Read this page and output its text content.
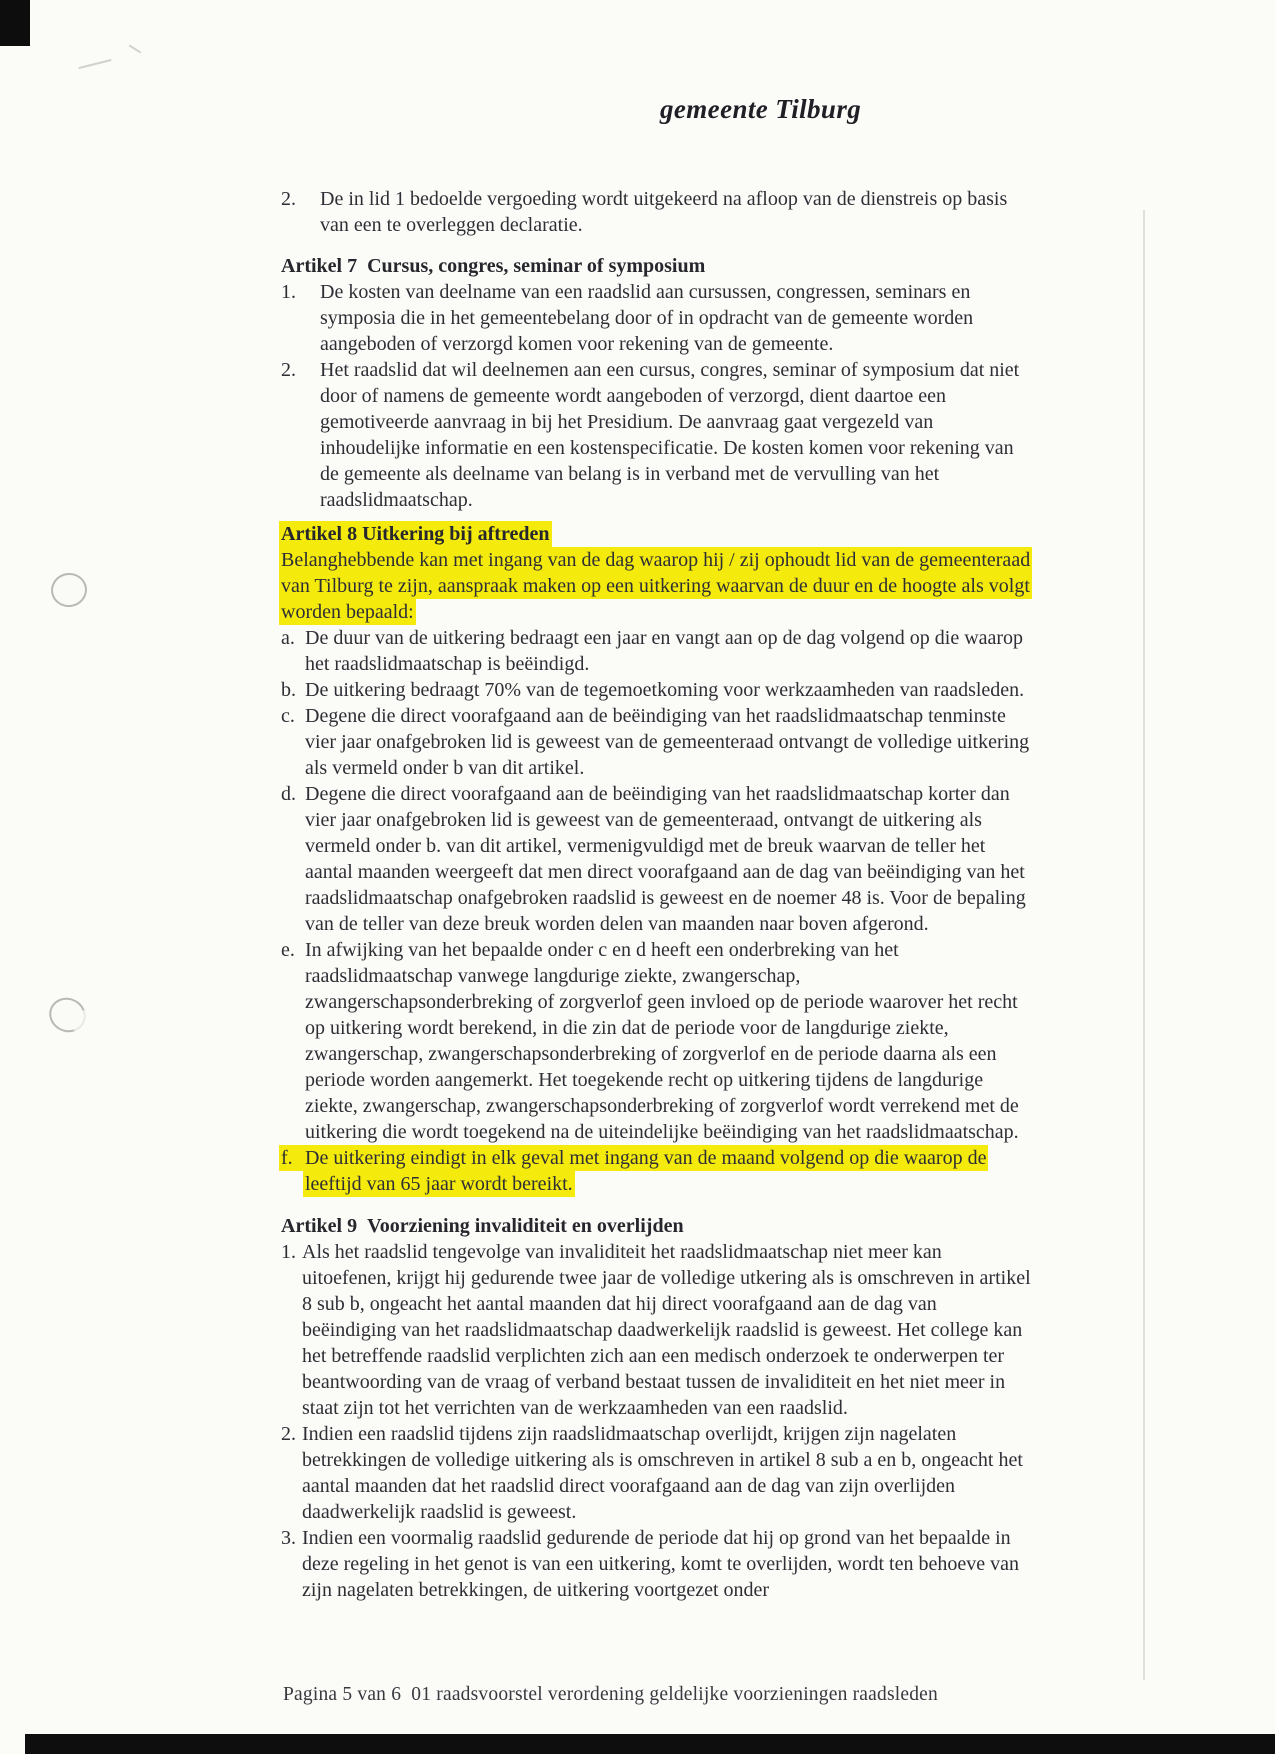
gemeente Tilburg
2. De in lid 1 bedoelde vergoeding wordt uitgekeerd na afloop van de dienstreis op basis van een te overleggen declaratie.
Artikel 7  Cursus, congres, seminar of symposium
1. De kosten van deelname van een raadslid aan cursussen, congressen, seminars en symposia die in het gemeentebelang door of in opdracht van de gemeente worden aangeboden of verzorgd komen voor rekening van de gemeente.
2. Het raadslid dat wil deelnemen aan een cursus, congres, seminar of symposium dat niet door of namens de gemeente wordt aangeboden of verzorgd, dient daartoe een gemotiveerde aanvraag in bij het Presidium. De aanvraag gaat vergezeld van inhoudelijke informatie en een kostenspecificatie. De kosten komen voor rekening van de gemeente als deelname van belang is in verband met de vervulling van het raadslidmaatschap.
Artikel 8 Uitkering bij aftreden
Belanghebbende kan met ingang van de dag waarop hij / zij ophoudt lid van de gemeenteraad van Tilburg te zijn, aanspraak maken op een uitkering waarvan de duur en de hoogte als volgt worden bepaald:
a. De duur van de uitkering bedraagt een jaar en vangt aan op de dag volgend op die waarop het raadslidmaatschap is beëindigd.
b. De uitkering bedraagt 70% van de tegemoetkoming voor werkzaamheden van raadsleden.
c. Degene die direct voorafgaand aan de beëindiging van het raadslidmaatschap tenminste vier jaar onafgebroken lid is geweest van de gemeenteraad ontvangt de volledige uitkering als vermeld onder b van dit artikel.
d. Degene die direct voorafgaand aan de beëindiging van het raadslidmaatschap korter dan vier jaar onafgebroken lid is geweest van de gemeenteraad, ontvangt de uitkering als vermeld onder b. van dit artikel, vermenigvuldigd met de breuk waarvan de teller het aantal maanden weergeeft dat men direct voorafgaand aan de dag van beëindiging van het raadslidmaatschap onafgebroken raadslid is geweest en de noemer 48 is. Voor de bepaling van de teller van deze breuk worden delen van maanden naar boven afgerond.
e. In afwijking van het bepaalde onder c en d heeft een onderbreking van het raadslidmaatschap vanwege langdurige ziekte, zwangerschap, zwangerschapsonderbreking of zorgverlof geen invloed op de periode waarover het recht op uitkering wordt berekend, in die zin dat de periode voor de langdurige ziekte, zwangerschap, zwangerschapsonderbreking of zorgverlof en de periode daarna als een periode worden aangemerkt. Het toegekende recht op uitkering tijdens de langdurige ziekte, zwangerschap, zwangerschapsonderbreking of zorgverlof wordt verrekend met de uitkering die wordt toegekend na de uiteindelijke beëindiging van het raadslidmaatschap.
f. De uitkering eindigt in elk geval met ingang van de maand volgend op die waarop de leeftijd van 65 jaar wordt bereikt.
Artikel 9  Voorziening invaliditeit en overlijden
1. Als het raadslid tengevolge van invaliditeit het raadslidmaatschap niet meer kan uitoefenen, krijgt hij gedurende twee jaar de volledige utkering als is omschreven in artikel 8 sub b, ongeacht het aantal maanden dat hij direct voorafgaand aan de dag van beëindiging van het raadslidmaatschap daadwerkelijk raadslid is geweest. Het college kan het betreffende raadslid verplichten zich aan een medisch onderzoek te onderwerpen ter beantwoording van de vraag of verband bestaat tussen de invaliditeit en het niet meer in staat zijn tot het verrichten van de werkzaamheden van een raadslid.
2. Indien een raadslid tijdens zijn raadslidmaatschap overlijdt, krijgen zijn nagelaten betrekkingen de volledige uitkering als is omschreven in artikel 8 sub a en b, ongeacht het aantal maanden dat het raadslid direct voorafgaand aan de dag van zijn overlijden daadwerkelijk raadslid is geweest.
3. Indien een voormalig raadslid gedurende de periode dat hij op grond van het bepaalde in deze regeling in het genot is van een uitkering, komt te overlijden, wordt ten behoeve van zijn nagelaten betrekkingen, de uitkering voortgezet onder
Pagina 5 van 6  01 raadsvoorstel verordening geldelijke voorzieningen raadsleden
